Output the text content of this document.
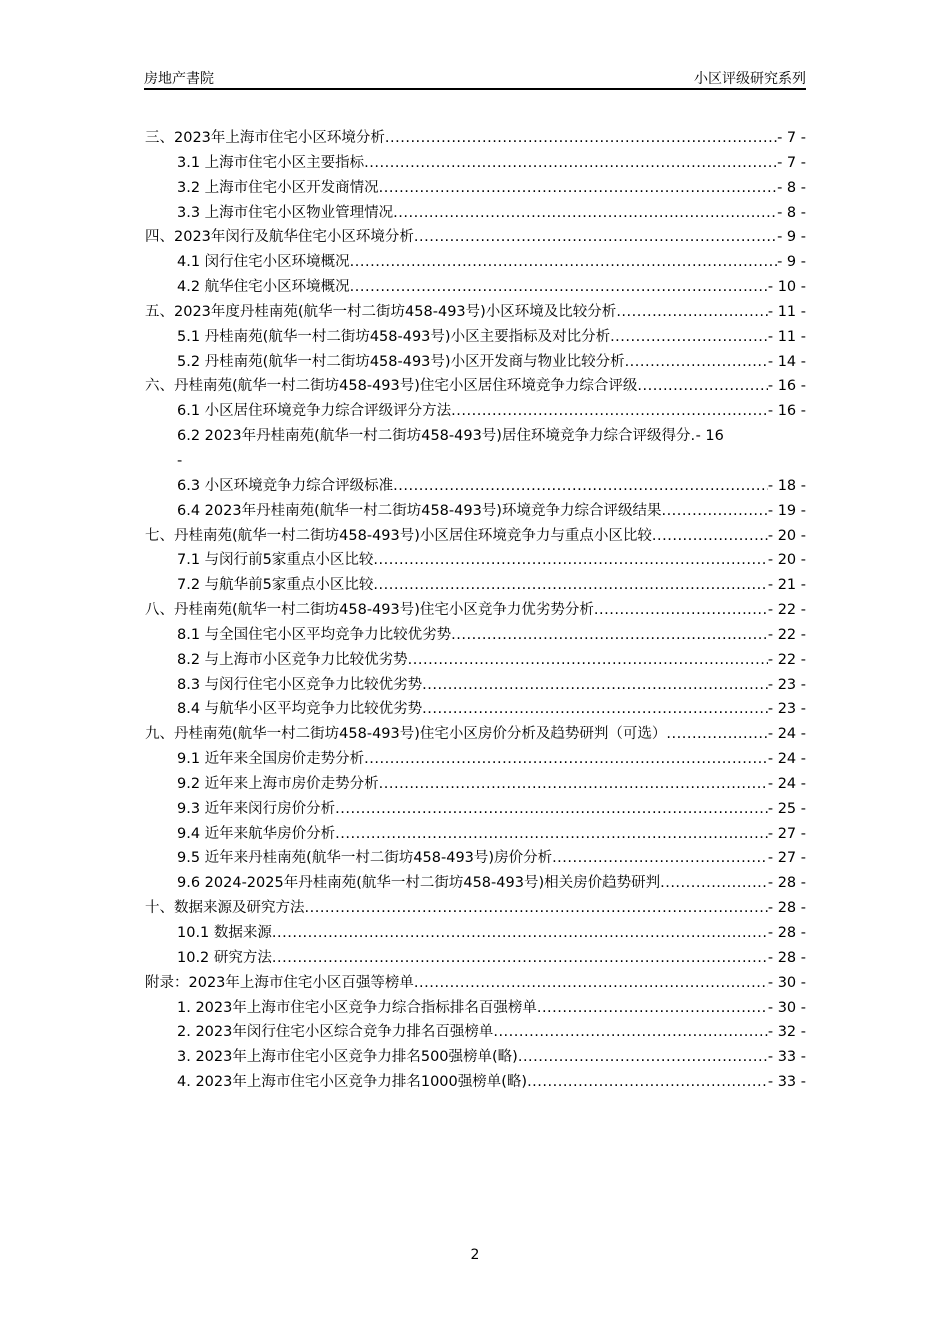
房地产書院	小区评级研究系列
三、2023年上海市住宅小区环境分析 .....	- 7 -
3.1 上海市住宅小区主要指标 .....	- 7 -
3.2 上海市住宅小区开发商情况 .....	- 8 -
3.3 上海市住宅小区物业管理情况 .....	- 8 -
四、2023年闵行及航华住宅小区环境分析 .....	- 9 -
4.1 闵行住宅小区环境概况 .....	- 9 -
4.2 航华住宅小区环境概况 .....	- 10 -
五、2023年度丹桂南苑(航华一村二街坊458-493号)小区环境及比较分析 .....	- 11 -
5.1 丹桂南苑(航华一村二街坊458-493号)小区主要指标及对比分析 .....	- 11 -
5.2 丹桂南苑(航华一村二街坊458-493号)小区开发商与物业比较分析 .....	- 14 -
六、丹桂南苑(航华一村二街坊458-493号)住宅小区居住环境竞争力综合评级 .....	- 16 -
6.1 小区居住环境竞争力综合评级评分方法 .....	- 16 -
6.2 2023年丹桂南苑(航华一村二街坊458-493号)居住环境竞争力综合评级得分 . - 16
-
6.3 小区环境竞争力综合评级标准 .....	- 18 -
6.4 2023年丹桂南苑(航华一村二街坊458-493号)环境竞争力综合评级结果 .....	- 19 -
七、丹桂南苑(航华一村二街坊458-493号)小区居住环境竞争力与重点小区比较 .....	- 20 -
7.1 与闵行前5家重点小区比较 .....	- 20 -
7.2 与航华前5家重点小区比较 .....	- 21 -
八、丹桂南苑(航华一村二街坊458-493号)住宅小区竞争力优劣势分析 .....	- 22 -
8.1 与全国住宅小区平均竞争力比较优劣势 .....	- 22 -
8.2 与上海市小区竞争力比较优劣势 .....	- 22 -
8.3 与闵行住宅小区竞争力比较优劣势 .....	- 23 -
8.4 与航华小区平均竞争力比较优劣势 .....	- 23 -
九、丹桂南苑(航华一村二街坊458-493号)住宅小区房价分析及趋势研判（可选） .....	- 24 -
9.1 近年来全国房价走势分析 .....	- 24 -
9.2 近年来上海市房价走势分析 .....	- 24 -
9.3 近年来闵行房价分析 .....	- 25 -
9.4 近年来航华房价分析 .....	- 27 -
9.5 近年来丹桂南苑(航华一村二街坊458-493号)房价分析 .....	- 27 -
9.6 2024-2025年丹桂南苑(航华一村二街坊458-493号)相关房价趋势研判 .....	- 28 -
十、数据来源及研究方法 .....	- 28 -
10.1 数据来源 .....	- 28 -
10.2 研究方法 .....	- 28 -
附录：2023年上海市住宅小区百强等榜单 .....	- 30 -
1. 2023年上海市住宅小区竞争力综合指标排名百强榜单 .....	- 30 -
2. 2023年闵行住宅小区综合竞争力排名百强榜单 .....	- 32 -
3. 2023年上海市住宅小区竞争力排名500强榜单(略) .....	- 33 -
4. 2023年上海市住宅小区竞争力排名1000强榜单(略) .....	- 33 -
2
